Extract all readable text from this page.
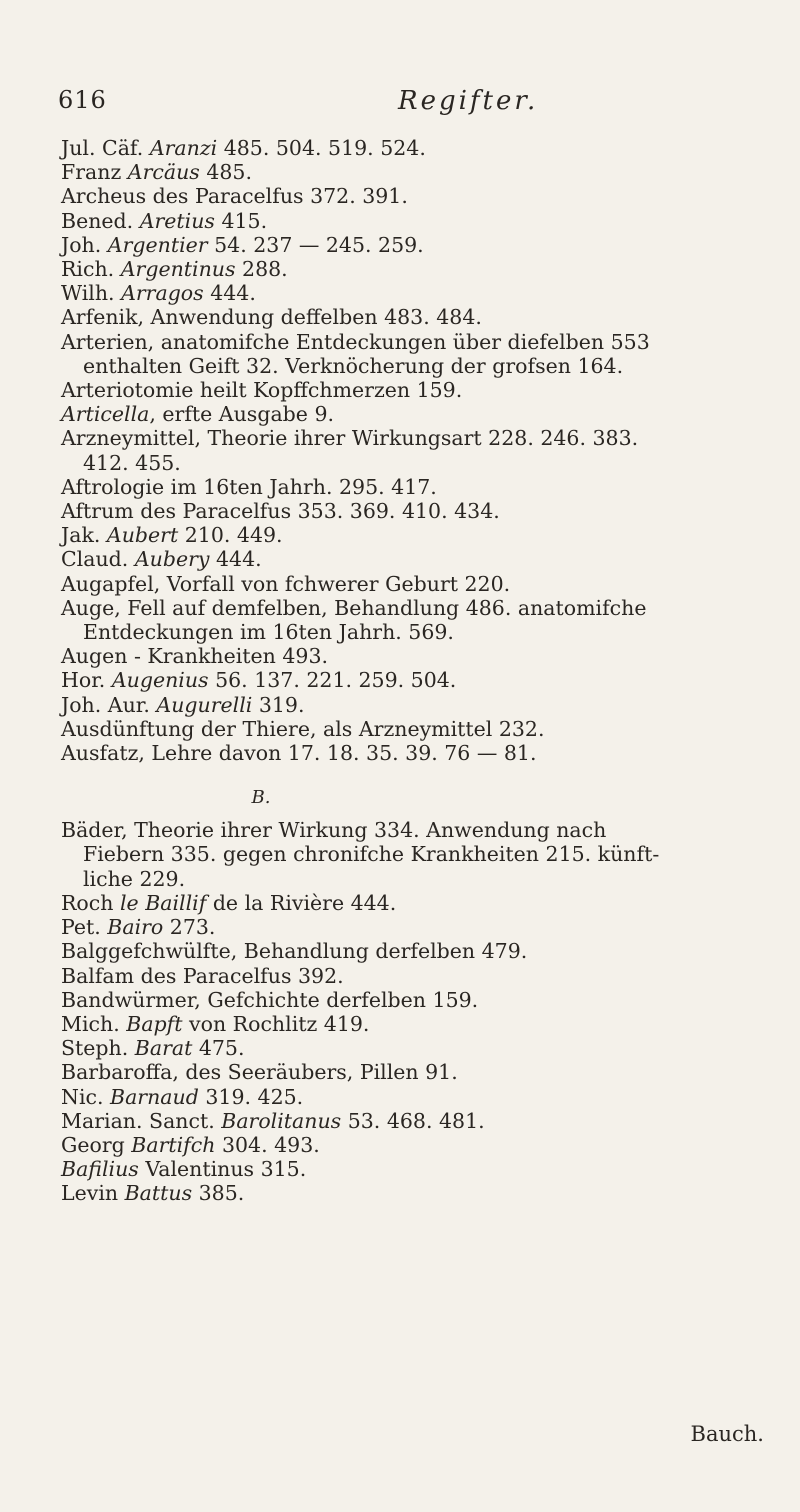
616	Regifter.

Jul. Cäf. Aranzi 485. 504. 519. 524.

Franz Arcäus 485.

Archeus des Paracelfus 372. 391.

Bened. Aretius 415.

Joh. Argentier 54. 237 — 245. 259.

Rich. Argentinus 288.

Wilh. Arragos 444.

Arfenik, Anwendung deffelben 483. 484.

Arterien, anatomifche Entdeckungen über diefelben 553

enthalten Geift 32. Verknöcherung der grofsen 164.

Arteriotomie heilt Kopffchmerzen 159.

Articella, erfte Ausgabe 9.

Arzneymittel, Theorie ihrer Wirkungsart 228. 246. 383.

412. 455.

Aftrologie im 16ten Jahrh. 295. 417.

Aftrum des Paracelfus 353. 369. 410. 434.

Jak. Aubert 210. 449.

Claud. Aubery 444.

Augapfel, Vorfall von fchwerer Geburt 220.

Auge, Fell auf demfelben, Behandlung 486. anatomifche

Entdeckungen im 16ten Jahrh. 569.

Augen - Krankheiten 493.

Hor. Augenius 56. 137. 221. 259. 504.

Joh. Aur. Augurelli 319.

Ausdünftung der Thiere, als Arzneymittel 232.

Ausfatz, Lehre davon 17. 18. 35. 39. 76 — 81.

B.

Bäder, Theorie ihrer Wirkung 334. Anwendung nach

Fiebern 335. gegen chronifche Krankheiten 215. künft-

liche 229.

Roch le Baillif de la Rivière 444.

Pet. Bairo 273.

Balggefchwülfte, Behandlung derfelben 479.

Balfam des Paracelfus 392.

Bandwürmer, Gefchichte derfelben 159.

Mich. Bapft von Rochlitz 419.

Steph. Barat 475.

Barbaroffa, des Seeräubers, Pillen 91.

Nic. Barnaud 319. 425.

Marian. Sanct. Barolitanus 53. 468. 481.

Georg Bartifch 304. 493.

Bafilius Valentinus 315.

Levin Battus 385.

Bauch.
